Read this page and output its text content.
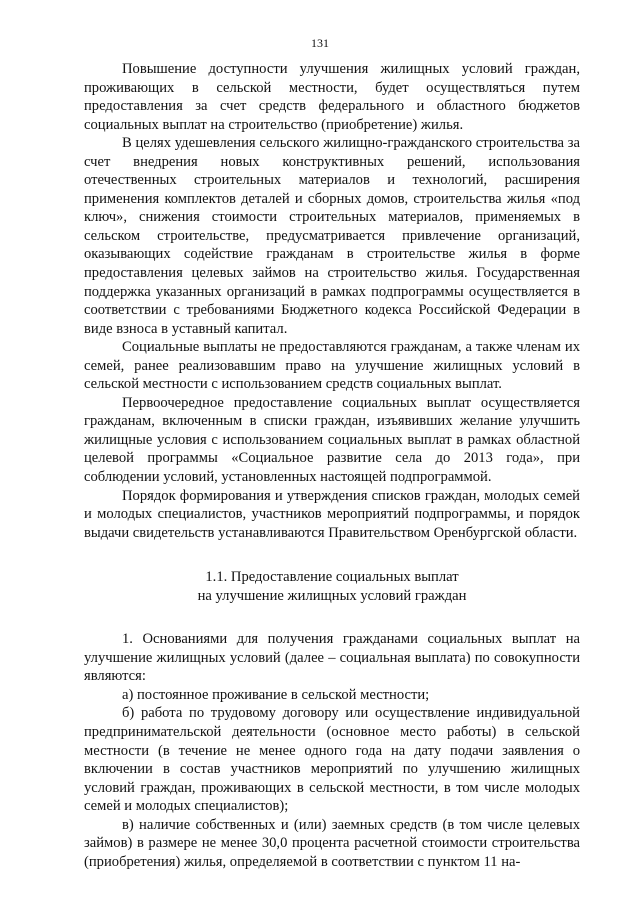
131

Повышение доступности улучшения жилищных условий граждан, проживающих в сельской местности, будет осуществляться путем предоставления за счет средств федерального и областного бюджетов социальных выплат на строительство (приобретение) жилья.

В целях удешевления сельского жилищно-гражданского строительства за счет внедрения новых конструктивных решений, использования отечественных строительных материалов и технологий, расширения применения комплектов деталей и сборных домов, строительства жилья «под ключ», снижения стоимости строительных материалов, применяемых в сельском строительстве, предусматривается привлечение организаций, оказывающих содействие гражданам в строительстве жилья в форме предоставления целевых займов на строительство жилья. Государственная поддержка указанных организаций в рамках подпрограммы осуществляется в соответствии с требованиями Бюджетного кодекса Российской Федерации в виде взноса в уставный капитал.

Социальные выплаты не предоставляются гражданам, а также членам их семей, ранее реализовавшим право на улучшение жилищных условий в сельской местности с использованием средств социальных выплат.

Первоочередное предоставление социальных выплат осуществляется гражданам, включенным в списки граждан, изъявивших желание улучшить жилищные условия с использованием социальных выплат в рамках областной целевой программы «Социальное развитие села до 2013 года», при соблюдении условий, установленных настоящей подпрограммой.

Порядок формирования и утверждения списков граждан, молодых семей и молодых специалистов, участников мероприятий подпрограммы, и порядок выдачи свидетельств устанавливаются Правительством Оренбургской области.

1.1. Предоставление социальных выплат
на улучшение жилищных условий граждан

1. Основаниями для получения гражданами социальных выплат на улучшение жилищных условий (далее – социальная выплата) по совокупности являются:

а) постоянное проживание в сельской местности;

б) работа по трудовому договору или осуществление индивидуальной предпринимательской деятельности (основное место работы) в сельской местности (в течение не менее одного года на дату подачи заявления о включении в состав участников мероприятий по улучшению жилищных условий граждан, проживающих в сельской местности, в том числе молодых семей и молодых специалистов);

в) наличие собственных и (или) заемных средств (в том числе целевых займов) в размере не менее 30,0 процента расчетной стоимости строительства (приобретения) жилья, определяемой в соответствии с пунктом 11 на-
